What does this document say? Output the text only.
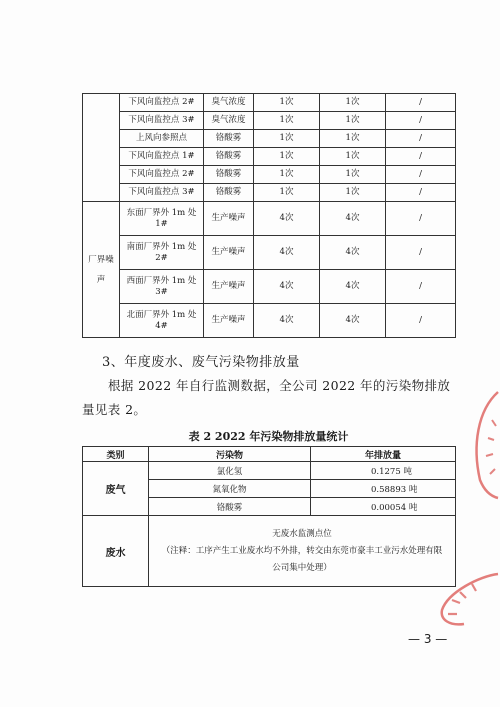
	下风向监控点 2#	臭气浓度	1次	1次	/
	下风向监控点 3#	臭气浓度	1次	1次	/
	上风向参照点	铬酸雾	1次	1次	/
	下风向监控点 1#	铬酸雾	1次	1次	/
	下风向监控点 2#	铬酸雾	1次	1次	/
	下风向监控点 3#	铬酸雾	1次	1次	/
厂界噪
声	东面厂界外 1m 处 1#	生产噪声	4次	4次	/
	南面厂界外 1m 处 2#	生产噪声	4次	4次	/
	西面厂界外 1m 处 3#	生产噪声	4次	4次	/
	北面厂界外 1m 处 4#	生产噪声	4次	4次	/
3、年度废水、废气污染物排放量
根据 2022 年自行监测数据，全公司 2022 年的污染物排放量见表 2。
表 2 2022 年污染物排放量统计
类别	污染物	年排放量
废气	氯化氢	0.1275 吨
	氮氧化物	0.58893 吨
	铬酸雾	0.00054 吨
废水	无废水监测点位
（注释：工序产生工业废水均不外排，转交由东莞市豪丰工业污水处理有限
公司集中处理）	
— 3 —
